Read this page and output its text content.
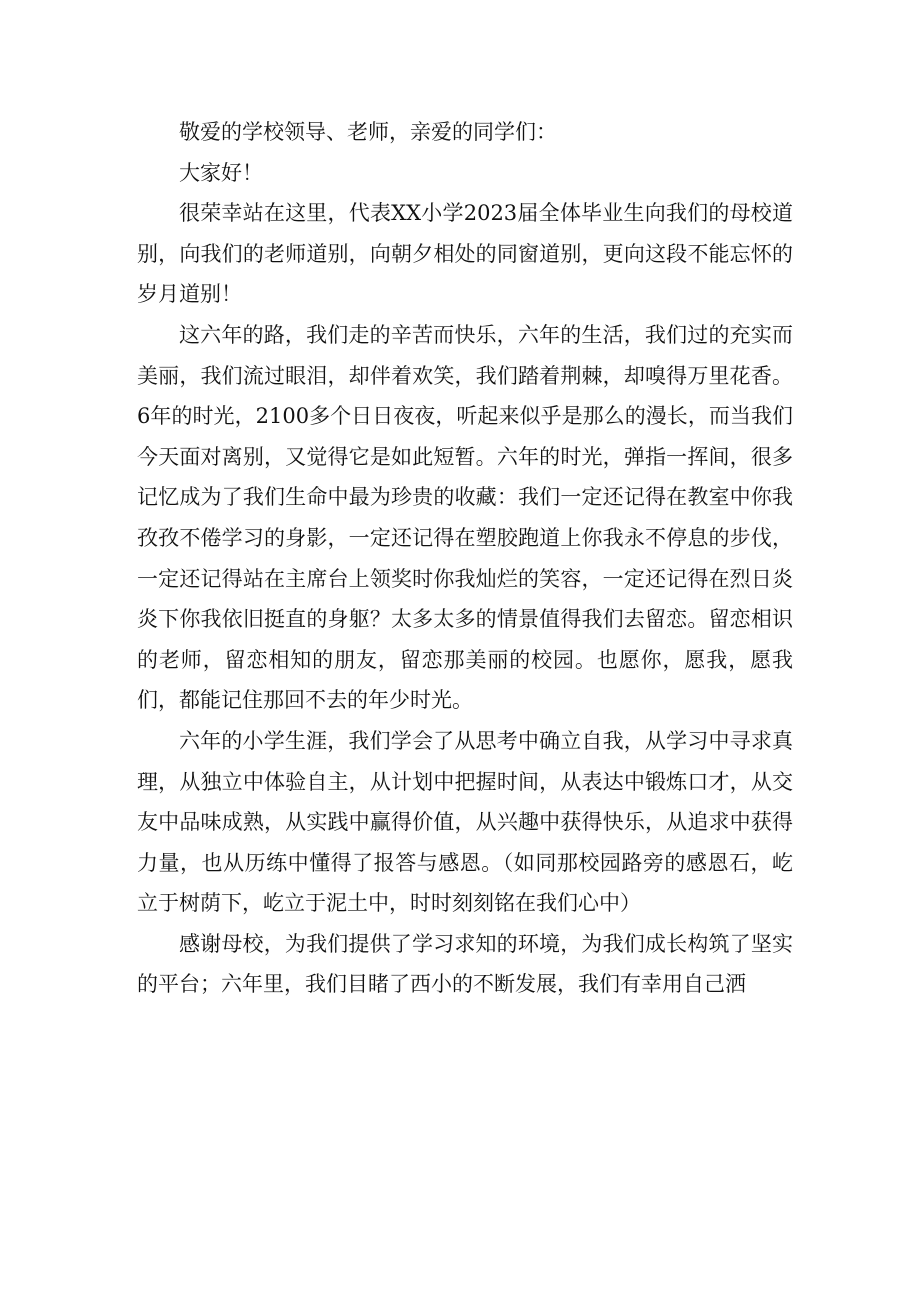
敬爱的学校领导、老师，亲爱的同学们：

大家好！

很荣幸站在这里，代表XX小学2023届全体毕业生向我们的母校道别，向我们的老师道别，向朝夕相处的同窗道别，更向这段不能忘怀的岁月道别！

这六年的路，我们走的辛苦而快乐，六年的生活，我们过的充实而美丽，我们流过眼泪，却伴着欢笑，我们踏着荆棘，却嗅得万里花香。6年的时光，2100多个日日夜夜，听起来似乎是那么的漫长，而当我们今天面对离别，又觉得它是如此短暂。六年的时光，弹指一挥间，很多记忆成为了我们生命中最为珍贵的收藏：我们一定还记得在教室中你我孜孜不倦学习的身影，一定还记得在塑胶跑道上你我永不停息的步伐，一定还记得站在主席台上领奖时你我灿烂的笑容，一定还记得在烈日炎炎下你我依旧挺直的身躯？太多太多的情景值得我们去留恋。留恋相识的老师，留恋相知的朋友，留恋那美丽的校园。也愿你，愿我，愿我们，都能记住那回不去的年少时光。

六年的小学生涯，我们学会了从思考中确立自我，从学习中寻求真理，从独立中体验自主，从计划中把握时间，从表达中锻炼口才，从交友中品味成熟，从实践中赢得价值，从兴趣中获得快乐，从追求中获得力量，也从历练中懂得了报答与感恩。（如同那校园路旁的感恩石，屹立于树荫下，屹立于泥土中，时时刻刻铭在我们心中）

感谢母校，为我们提供了学习求知的环境，为我们成长构筑了坚实的平台；六年里，我们目睹了西小的不断发展，我们有幸用自己洒
